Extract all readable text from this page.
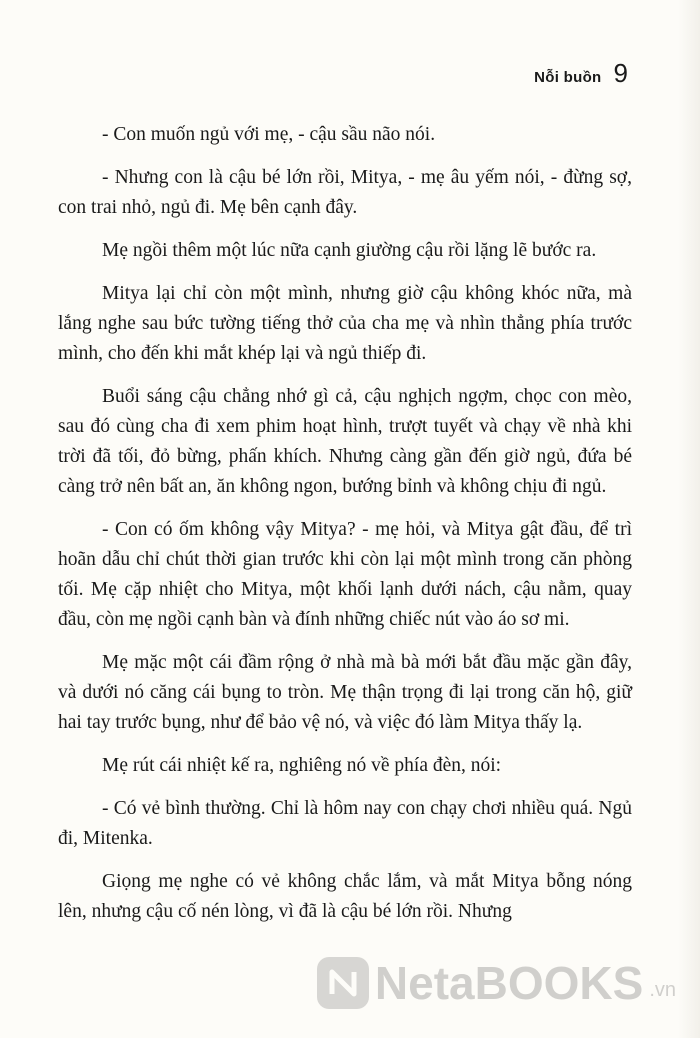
Nỗi buồn 9

- Con muốn ngủ với mẹ, - cậu sầu não nói.

- Nhưng con là cậu bé lớn rồi, Mitya, - mẹ âu yếm nói, - đừng sợ, con trai nhỏ, ngủ đi. Mẹ bên cạnh đây.

Mẹ ngồi thêm một lúc nữa cạnh giường cậu rồi lặng lẽ bước ra.

Mitya lại chỉ còn một mình, nhưng giờ cậu không khóc nữa, mà lắng nghe sau bức tường tiếng thở của cha mẹ và nhìn thẳng phía trước mình, cho đến khi mắt khép lại và ngủ thiếp đi.

Buổi sáng cậu chẳng nhớ gì cả, cậu nghịch ngợm, chọc con mèo, sau đó cùng cha đi xem phim hoạt hình, trượt tuyết và chạy về nhà khi trời đã tối, đỏ bừng, phấn khích. Nhưng càng gần đến giờ ngủ, đứa bé càng trở nên bất an, ăn không ngon, bướng bỉnh và không chịu đi ngủ.

- Con có ốm không vậy Mitya? - mẹ hỏi, và Mitya gật đầu, để trì hoãn dẫu chỉ chút thời gian trước khi còn lại một mình trong căn phòng tối. Mẹ cặp nhiệt cho Mitya, một khối lạnh dưới nách, cậu nằm, quay đầu, còn mẹ ngồi cạnh bàn và đính những chiếc nút vào áo sơ mi.

Mẹ mặc một cái đầm rộng ở nhà mà bà mới bắt đầu mặc gần đây, và dưới nó căng cái bụng to tròn. Mẹ thận trọng đi lại trong căn hộ, giữ hai tay trước bụng, như để bảo vệ nó, và việc đó làm Mitya thấy lạ.

Mẹ rút cái nhiệt kế ra, nghiêng nó về phía đèn, nói:

- Có vẻ bình thường. Chỉ là hôm nay con chạy chơi nhiều quá. Ngủ đi, Mitenka.

Giọng mẹ nghe có vẻ không chắc lắm, và mắt Mitya bỗng nóng lên, nhưng cậu cố nén lòng, vì đã là cậu bé lớn rồi. Nhưng

NetaBOOKS .vn
